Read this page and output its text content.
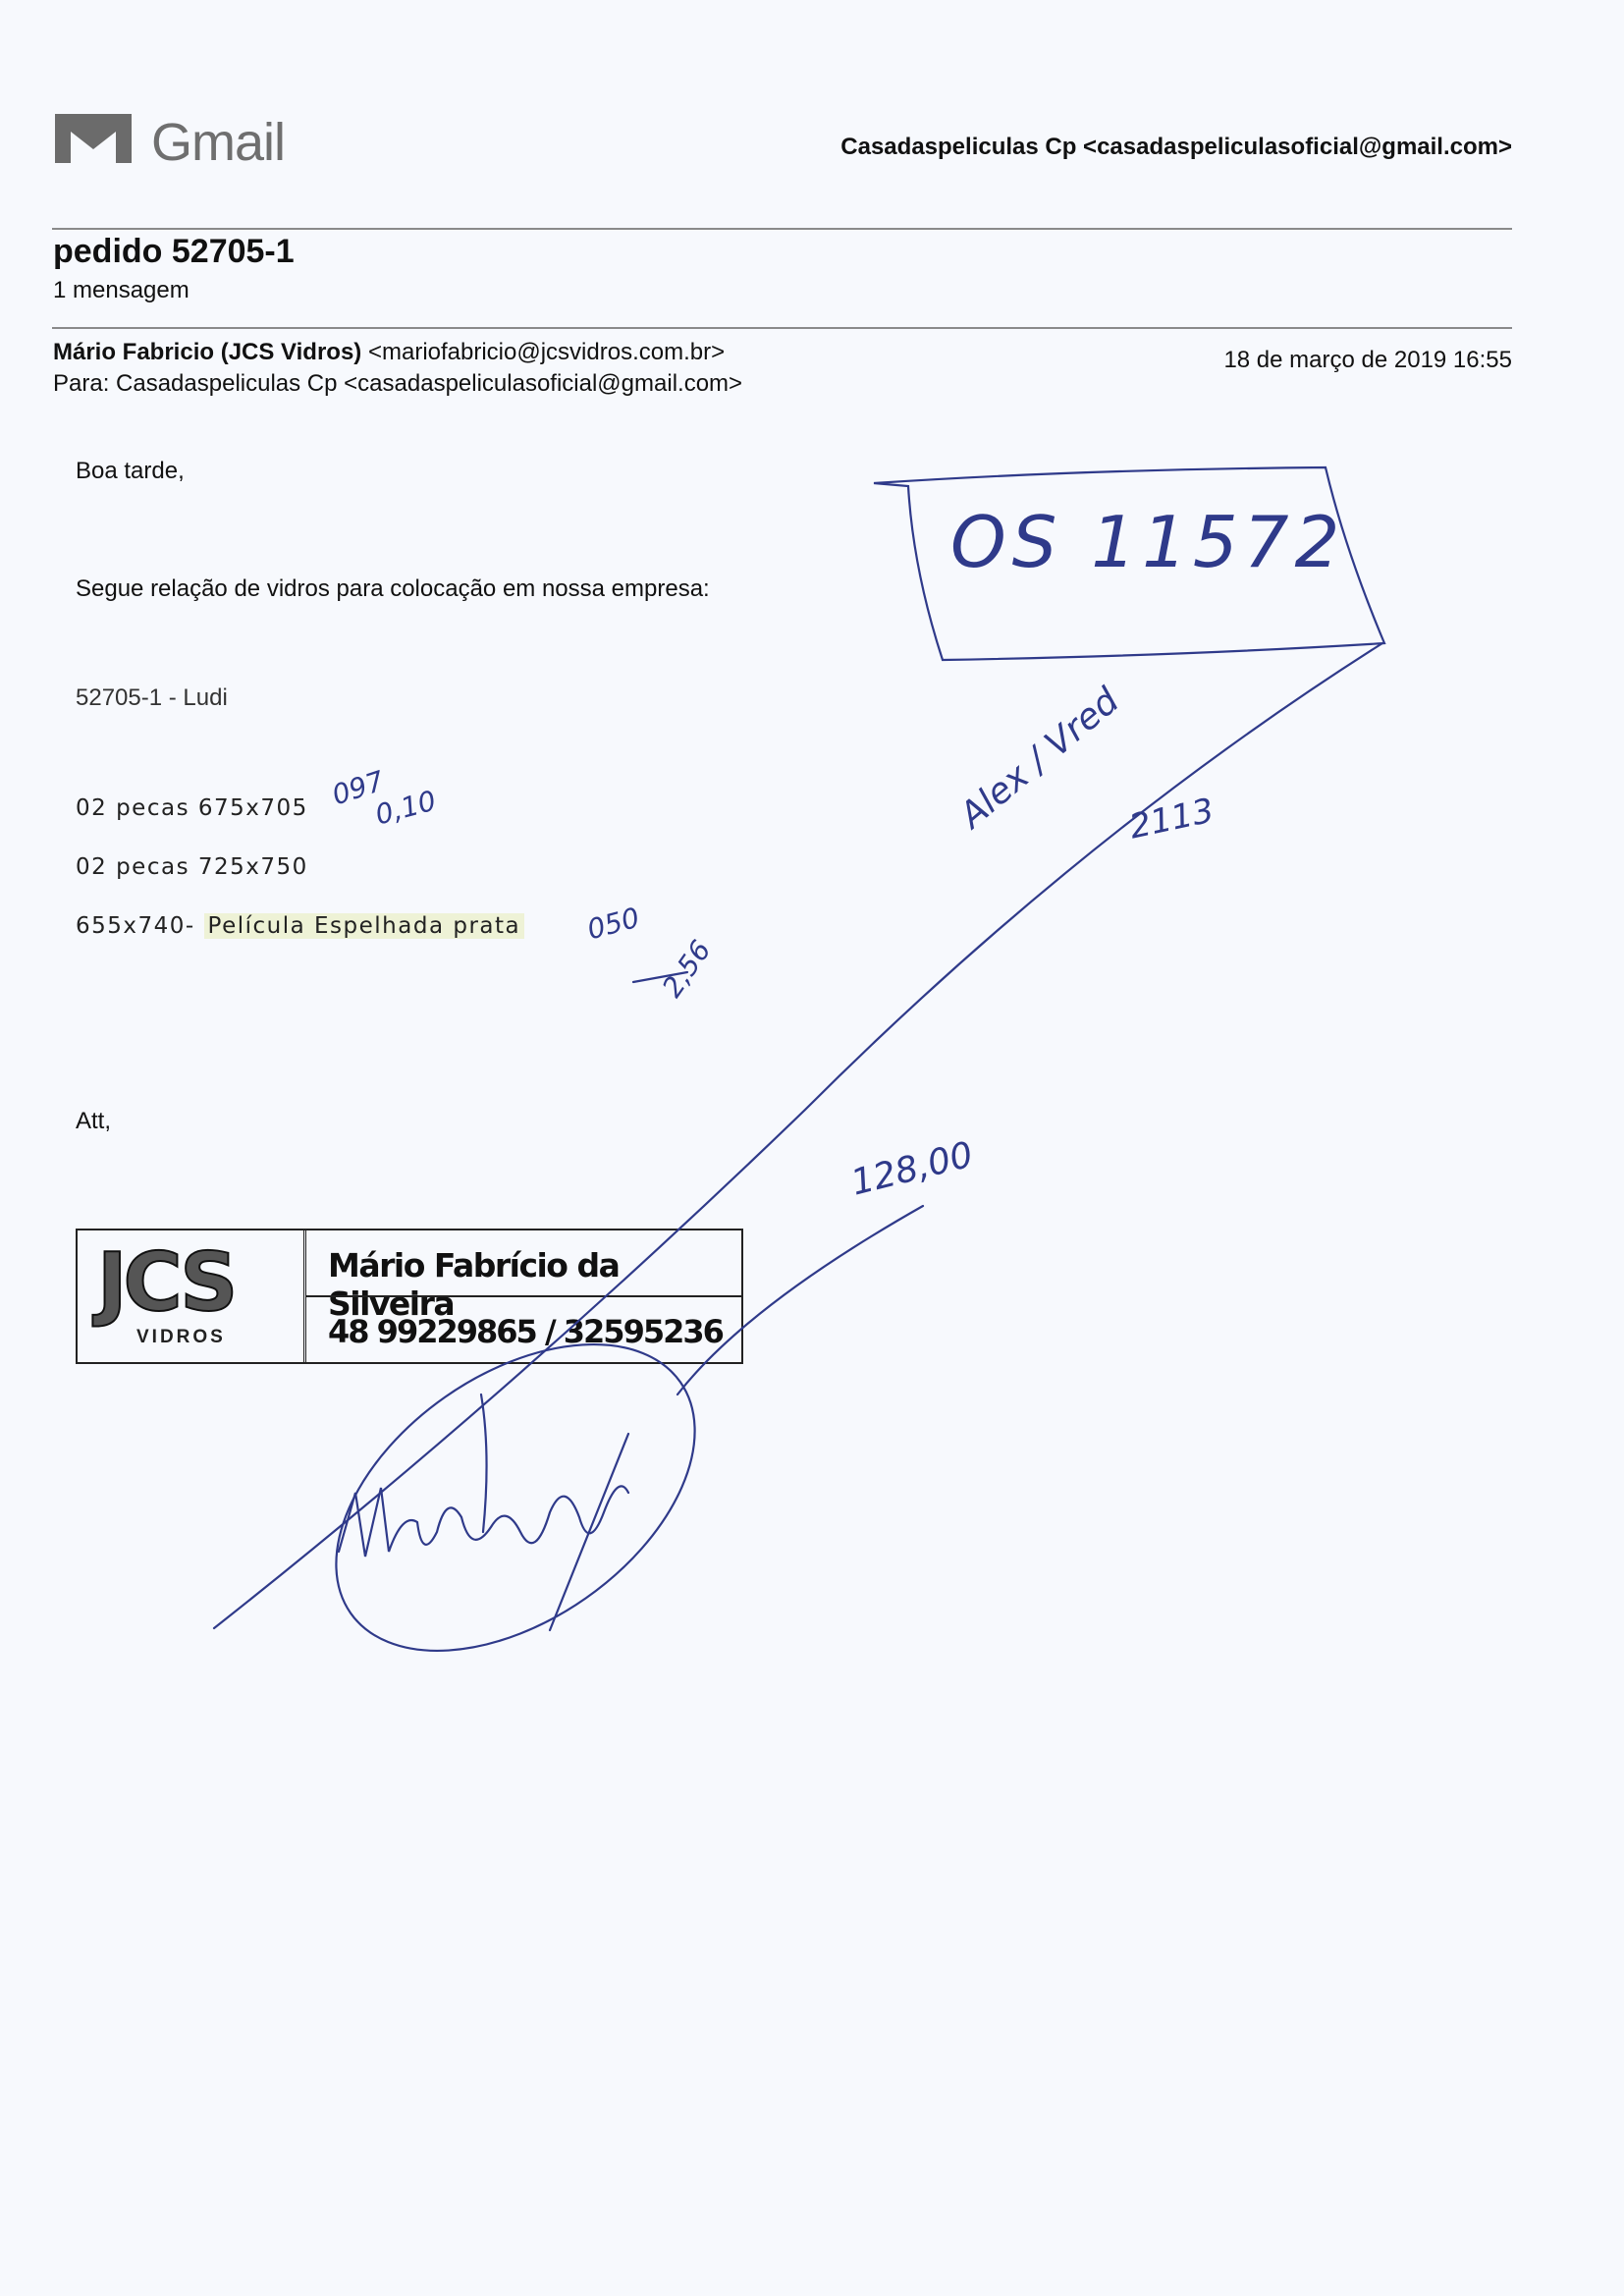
Gmail	Casadaspeliculas Cp <casadaspeliculasoficial@gmail.com>
pedido 52705-1
1 mensagem
Mário Fabricio (JCS Vidros) <mariofabricio@jcsvidros.com.br>
Para: Casadaspeliculas Cp <casadaspeliculasoficial@gmail.com>
18 de março de 2019 16:55
Boa tarde,
Segue relação de vidros para colocação em nossa empresa:
52705-1 - Ludi
02 pecas 675x705
02 pecas 725x750
655x740- Película Espelhada prata
Att,
JCS
VIDROS
Mário Fabrício da Silveira
48 99229865 / 32595236
OS 11572
097
0,10
050
2,56
Alex / Vred 2113
128,00
